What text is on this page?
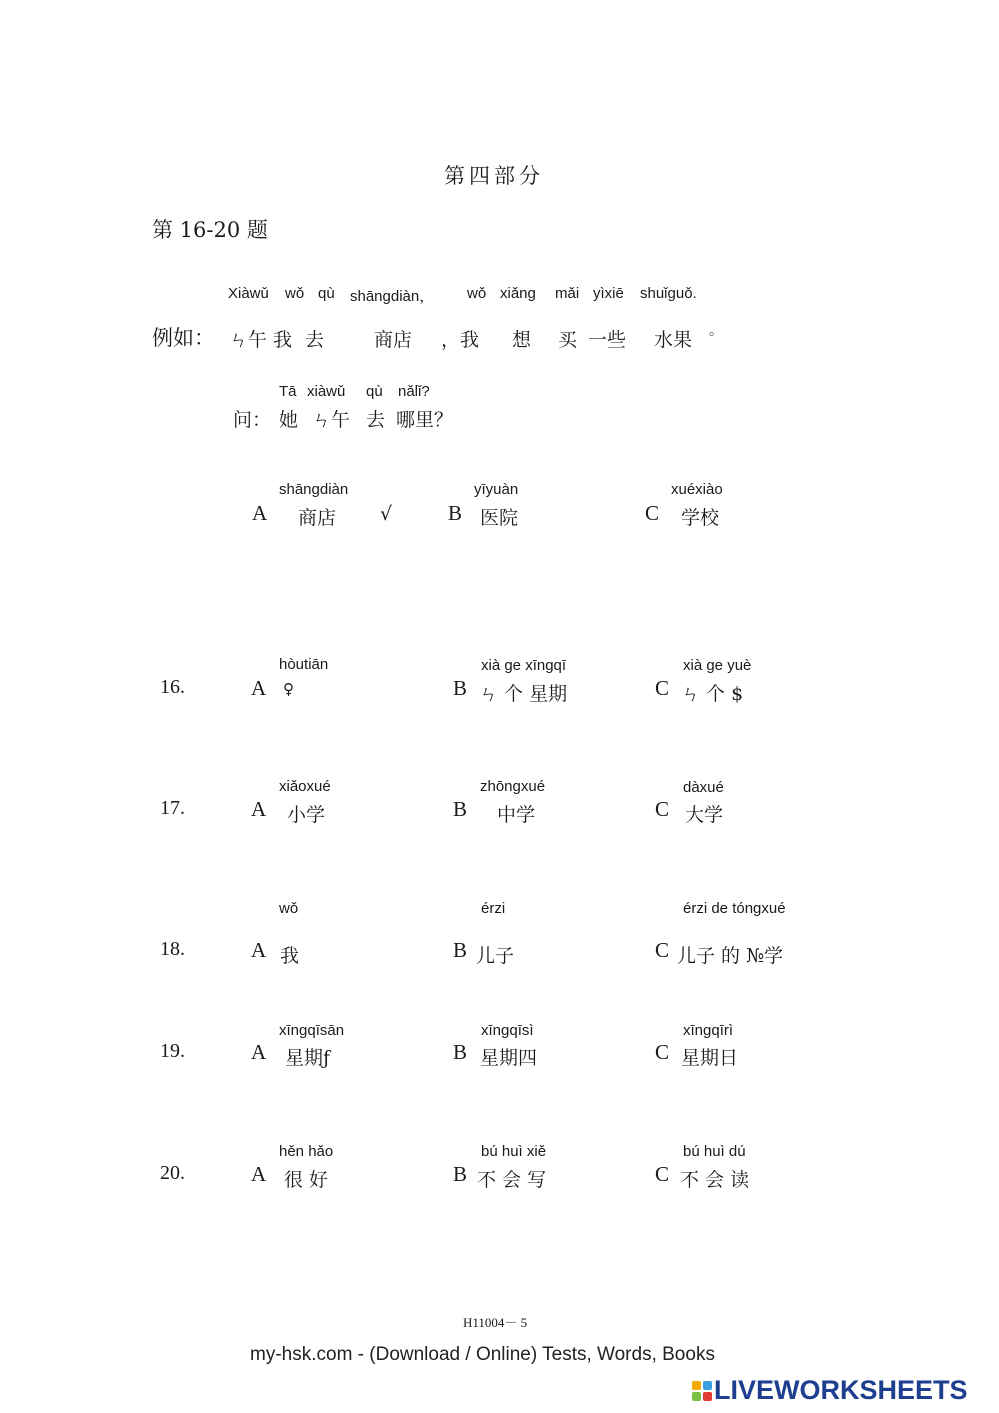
第四部分
第 16-20 题
Xiàwǔ wǒ qù shāngdiàn， wǒ xiǎng mǎi yìxiē shuǐguǒ.
例如： ㄣ午 我 去	商店 ，我 想 买 一些 水果 。
Tā xiàwǔ qù nǎlǐ?
问： 她 ㄣ午 去 哪里？
shāngdiàn
A 商店 √
yīyuàn
B 医院
xuéxiào
C 学校
16.
hòutiān
A ♀
xià ge xīngqī
B ㄣ 个 星期
xià ge yuè
C ㄣ 个 $
17.
xiǎoxué
A 小学
zhōngxué
B 中学
dàxué
C 大学
18.
wǒ
A 我
érzi
B 儿子
érzi de tóngxué
C 儿子 的 №学
19.
xīngqīsān
A 星期ƒ
xīngqīsì
B 星期四
xīngqīrì
C 星期日
20.
hěn hǎo
A 很 好
bú huì xiě
B 不 会 写
bú huì dú
C 不 会 读
H11004－ 5
my-hsk.com - (Download / Online) Tests, Words, Books
LIVEWORKSHEETS
